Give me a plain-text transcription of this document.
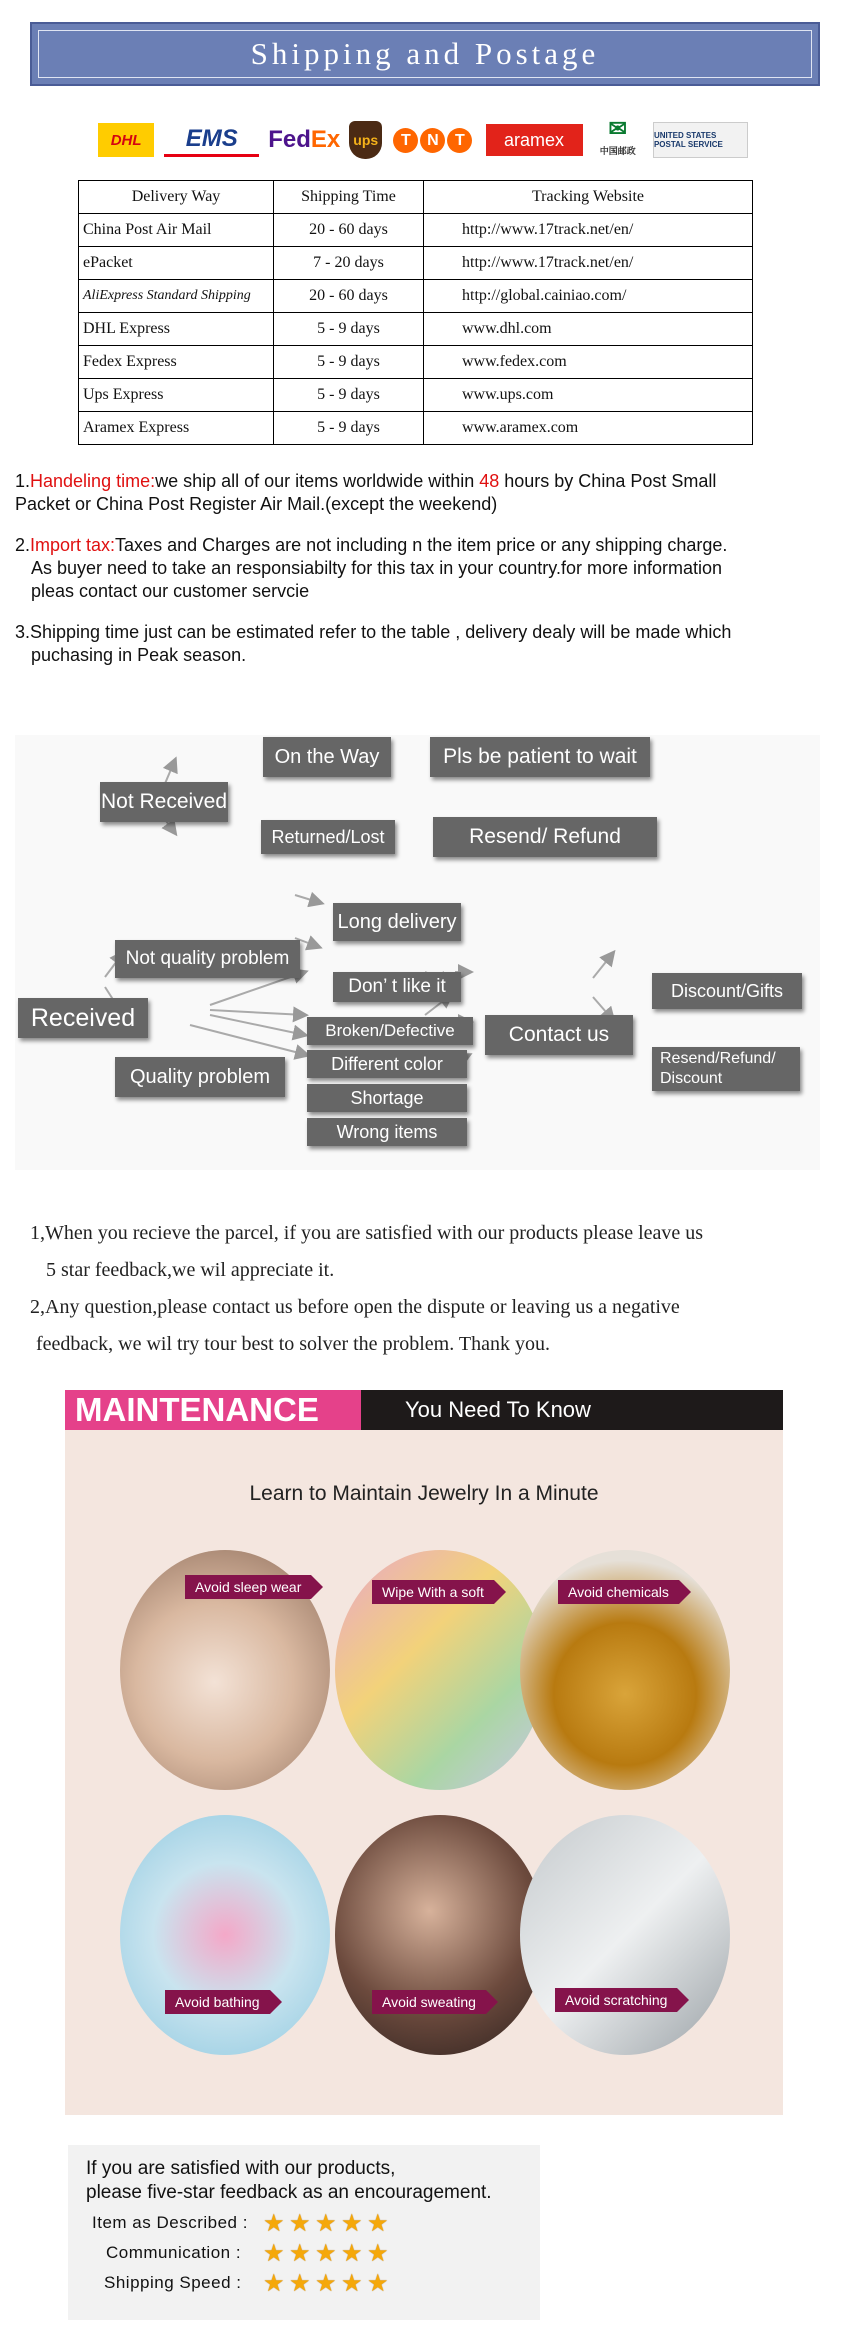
Shipping and Postage
DHL	EMS	Fed Ex ups	T	N	T	aramex	✉
中国邮政
UNITED STATES POSTAL SERVICE
Delivery Way	Shipping Time	Tracking Website
China Post Air Mail	20 - 60 days	http://www.17track.net/en/
ePacket	7 - 20 days	http://www.17track.net/en/
AliExpress Standard Shipping	20 - 60 days	http://global.cainiao.com/
DHL Express	5 - 9 days	www.dhl.com
Fedex Express	5 - 9 days	www.fedex.com
Ups Express	5 - 9 days	www.ups.com
Aramex Express	5 - 9 days	www.aramex.com
1.Handeling time:we ship all of our items worldwide within 48 hours by China Post Small
Packet or China Post Register Air Mail.(except the weekend)
2.Import tax:Taxes and Charges are not including n the item price or any shipping charge.
As buyer need to take an responsiabilty for this tax in your country.for more information
pleas contact our customer servcie
3.Shipping time just can be estimated refer to the table , delivery dealy will be made which
puchasing in Peak season.
Not Received
On the Way	Pls be patient to wait
Returned/Lost	Resend/ Refund
Received
Not quality problem
Long delivery
Don’ t like it
Quality problem
Broken/Defective
Different color
Shortage
Wrong items
Contact us
Discount/Gifts
Resend/Refund/
Discount
1,When you recieve the parcel, if you are satisfied with our products please leave us
5 star feedback,we wil appreciate it.
2,Any question,please contact us before open the dispute or leaving us a negative
feedback, we wil try tour best to solver the problem. Thank you.
MAINTENANCE	You Need To Know
Learn to Maintain Jewelry In a Minute
Avoid sleep wear	Wipe With a soft	Avoid chemicals
Avoid bathing	Avoid sweating	Avoid scratching
If you are satisfied with our products,
please five-star feedback as an encouragement.
Item as Described : ★ ★ ★ ★ ★
Communication : ★ ★ ★ ★ ★
Shipping Speed : ★ ★ ★ ★ ★
